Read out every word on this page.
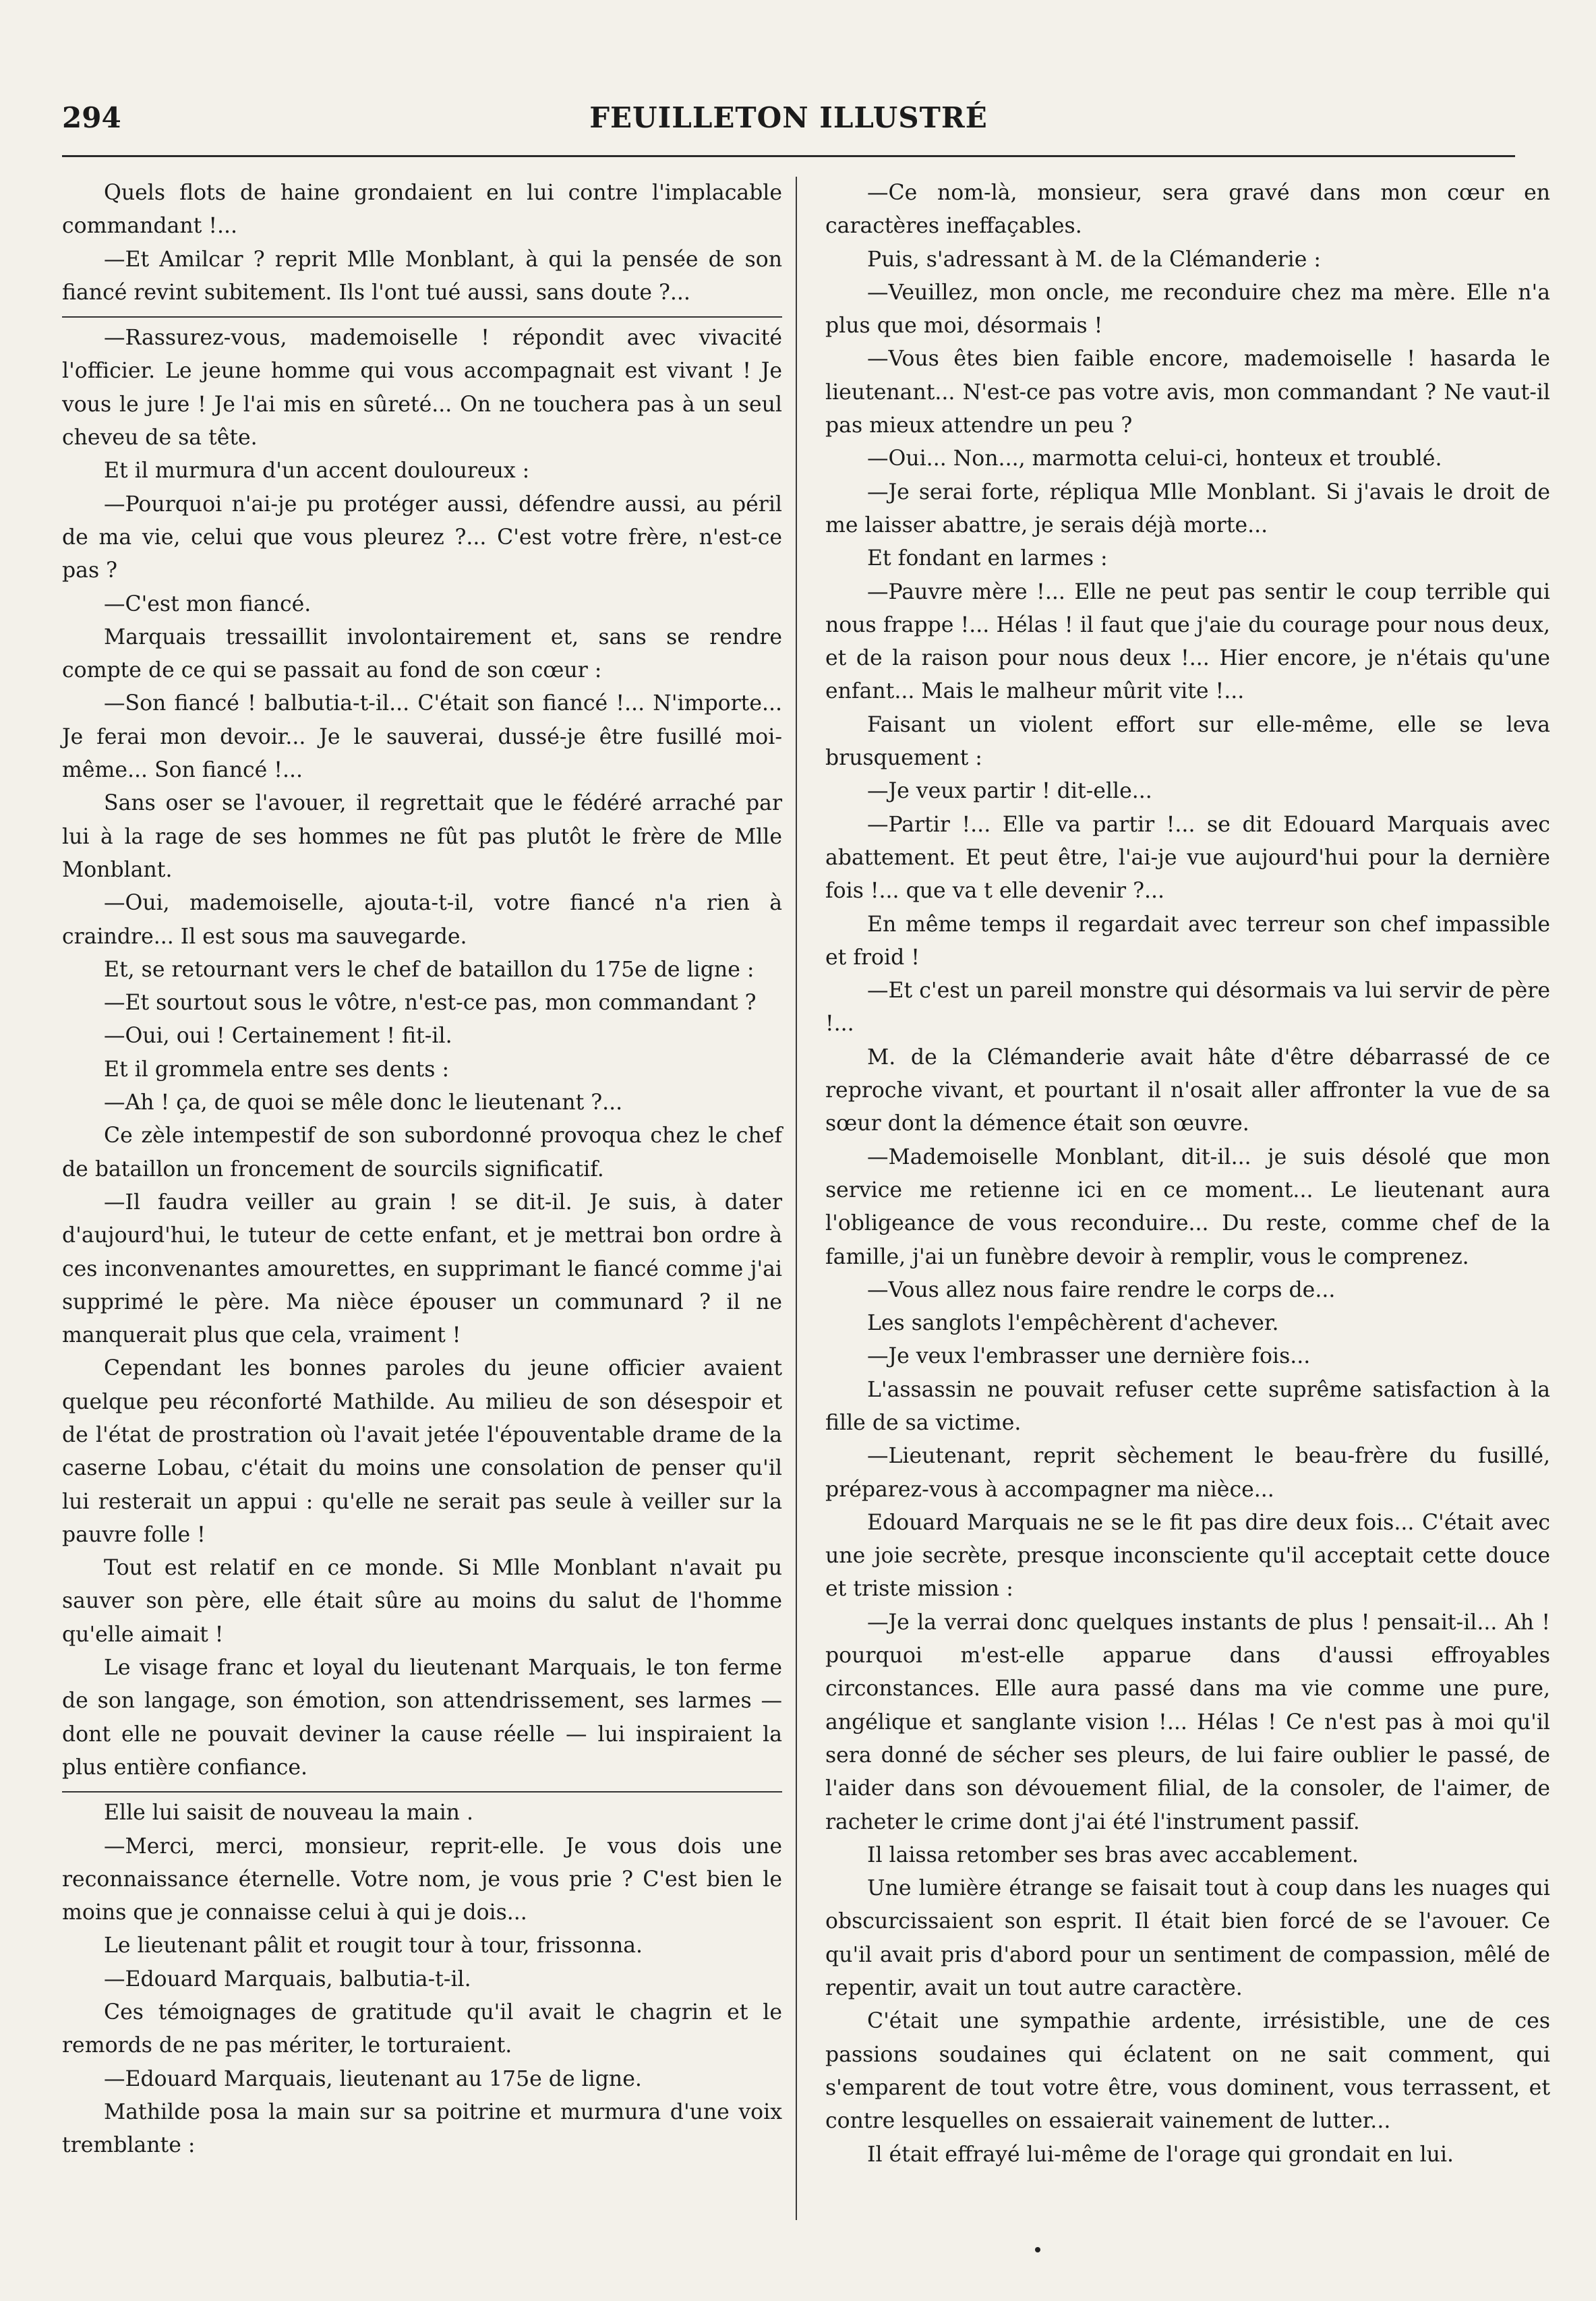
294	FEUILLETON ILLUSTRÉ

Quels flots de haine grondaient en lui contre l'implacable commandant !...

—Et Amilcar ? reprit Mlle Monblant, à qui la pensée de son fiancé revint subitement. Ils l'ont tué aussi, sans doute ?...

—Rassurez-vous, mademoiselle ! répondit avec vivacité l'officier. Le jeune homme qui vous accompagnait est vivant ! Je vous le jure ! Je l'ai mis en sûreté... On ne touchera pas à un seul cheveu de sa tête.

Et il murmura d'un accent douloureux :

—Pourquoi n'ai-je pu protéger aussi, défendre aussi, au péril de ma vie, celui que vous pleurez ?... C'est votre frère, n'est-ce pas ?

—C'est mon fiancé.

Marquais tressaillit involontairement et, sans se rendre compte de ce qui se passait au fond de son cœur :

—Son fiancé ! balbutia-t-il... C'était son fiancé !... N'importe... Je ferai mon devoir... Je le sauverai, dussé-je être fusillé moi-même... Son fiancé !...

Sans oser se l'avouer, il regrettait que le fédéré arraché par lui à la rage de ses hommes ne fût pas plutôt le frère de Mlle Monblant.

—Oui, mademoiselle, ajouta-t-il, votre fiancé n'a rien à craindre... Il est sous ma sauvegarde.

Et, se retournant vers le chef de bataillon du 175e de ligne :

—Et sourtout sous le vôtre, n'est-ce pas, mon commandant ?

—Oui, oui ! Certainement ! fit-il.

Et il grommela entre ses dents :

—Ah ! ça, de quoi se mêle donc le lieutenant ?...

Ce zèle intempestif de son subordonné provoqua chez le chef de bataillon un froncement de sourcils significatif.

—Il faudra veiller au grain ! se dit-il. Je suis, à dater d'aujourd'hui, le tuteur de cette enfant, et je mettrai bon ordre à ces inconvenantes amourettes, en supprimant le fiancé comme j'ai supprimé le père. Ma nièce épouser un communard ? il ne manquerait plus que cela, vraiment !

Cependant les bonnes paroles du jeune officier avaient quelque peu réconforté Mathilde. Au milieu de son désespoir et de l'état de prostration où l'avait jetée l'épouventable drame de la caserne Lobau, c'était du moins une consolation de penser qu'il lui resterait un appui : qu'elle ne serait pas seule à veiller sur la pauvre folle !

Tout est relatif en ce monde. Si Mlle Monblant n'avait pu sauver son père, elle était sûre au moins du salut de l'homme qu'elle aimait !

Le visage franc et loyal du lieutenant Marquais, le ton ferme de son langage, son émotion, son attendrissement, ses larmes — dont elle ne pouvait deviner la cause réelle — lui inspiraient la plus entière confiance.

Elle lui saisit de nouveau la main .

—Merci, merci, monsieur, reprit-elle. Je vous dois une reconnaissance éternelle. Votre nom, je vous prie ? C'est bien le moins que je connaisse celui à qui je dois...

Le lieutenant pâlit et rougit tour à tour, frissonna.

—Edouard Marquais, balbutia-t-il.

Ces témoignages de gratitude qu'il avait le chagrin et le remords de ne pas mériter, le torturaient.

—Edouard Marquais, lieutenant au 175e de ligne.

Mathilde posa la main sur sa poitrine et murmura d'une voix tremblante :

—Ce nom-là, monsieur, sera gravé dans mon cœur en caractères ineffaçables.

Puis, s'adressant à M. de la Clémanderie :

—Veuillez, mon oncle, me reconduire chez ma mère. Elle n'a plus que moi, désormais !

—Vous êtes bien faible encore, mademoiselle ! hasarda le lieutenant... N'est-ce pas votre avis, mon commandant ? Ne vaut-il pas mieux attendre un peu ?

—Oui... Non..., marmotta celui-ci, honteux et troublé.

—Je serai forte, répliqua Mlle Monblant. Si j'avais le droit de me laisser abattre, je serais déjà morte...

Et fondant en larmes :

—Pauvre mère !... Elle ne peut pas sentir le coup terrible qui nous frappe !... Hélas ! il faut que j'aie du courage pour nous deux, et de la raison pour nous deux !... Hier encore, je n'étais qu'une enfant... Mais le malheur mûrit vite !...

Faisant un violent effort sur elle-même, elle se leva brusquement :

—Je veux partir ! dit-elle...

—Partir !... Elle va partir !... se dit Edouard Marquais avec abattement. Et peut être, l'ai-je vue aujourd'hui pour la dernière fois !... que va t elle devenir ?...

En même temps il regardait avec terreur son chef impassible et froid !

—Et c'est un pareil monstre qui désormais va lui servir de père !...

M. de la Clémanderie avait hâte d'être débarrassé de ce reproche vivant, et pourtant il n'osait aller affronter la vue de sa sœur dont la démence était son œuvre.

—Mademoiselle Monblant, dit-il... je suis désolé que mon service me retienne ici en ce moment... Le lieutenant aura l'obligeance de vous reconduire... Du reste, comme chef de la famille, j'ai un funèbre devoir à remplir, vous le comprenez.

—Vous allez nous faire rendre le corps de...

Les sanglots l'empêchèrent d'achever.

—Je veux l'embrasser une dernière fois...

L'assassin ne pouvait refuser cette suprême satisfaction à la fille de sa victime.

—Lieutenant, reprit sèchement le beau-frère du fusillé, préparez-vous à accompagner ma nièce...

Edouard Marquais ne se le fit pas dire deux fois... C'était avec une joie secrète, presque inconsciente qu'il acceptait cette douce et triste mission :

—Je la verrai donc quelques instants de plus ! pensait-il... Ah ! pourquoi m'est-elle apparue dans d'aussi effroyables circonstances. Elle aura passé dans ma vie comme une pure, angélique et sanglante vision !... Hélas ! Ce n'est pas à moi qu'il sera donné de sécher ses pleurs, de lui faire oublier le passé, de l'aider dans son dévouement filial, de la consoler, de l'aimer, de racheter le crime dont j'ai été l'instrument passif.

Il laissa retomber ses bras avec accablement.

Une lumière étrange se faisait tout à coup dans les nuages qui obscurcissaient son esprit. Il était bien forcé de se l'avouer. Ce qu'il avait pris d'abord pour un sentiment de compassion, mêlé de repentir, avait un tout autre caractère.

C'était une sympathie ardente, irrésistible, une de ces passions soudaines qui éclatent on ne sait comment, qui s'emparent de tout votre être, vous dominent, vous terrassent, et contre lesquelles on essaierait vainement de lutter...

Il était effrayé lui-même de l'orage qui grondait en lui.
